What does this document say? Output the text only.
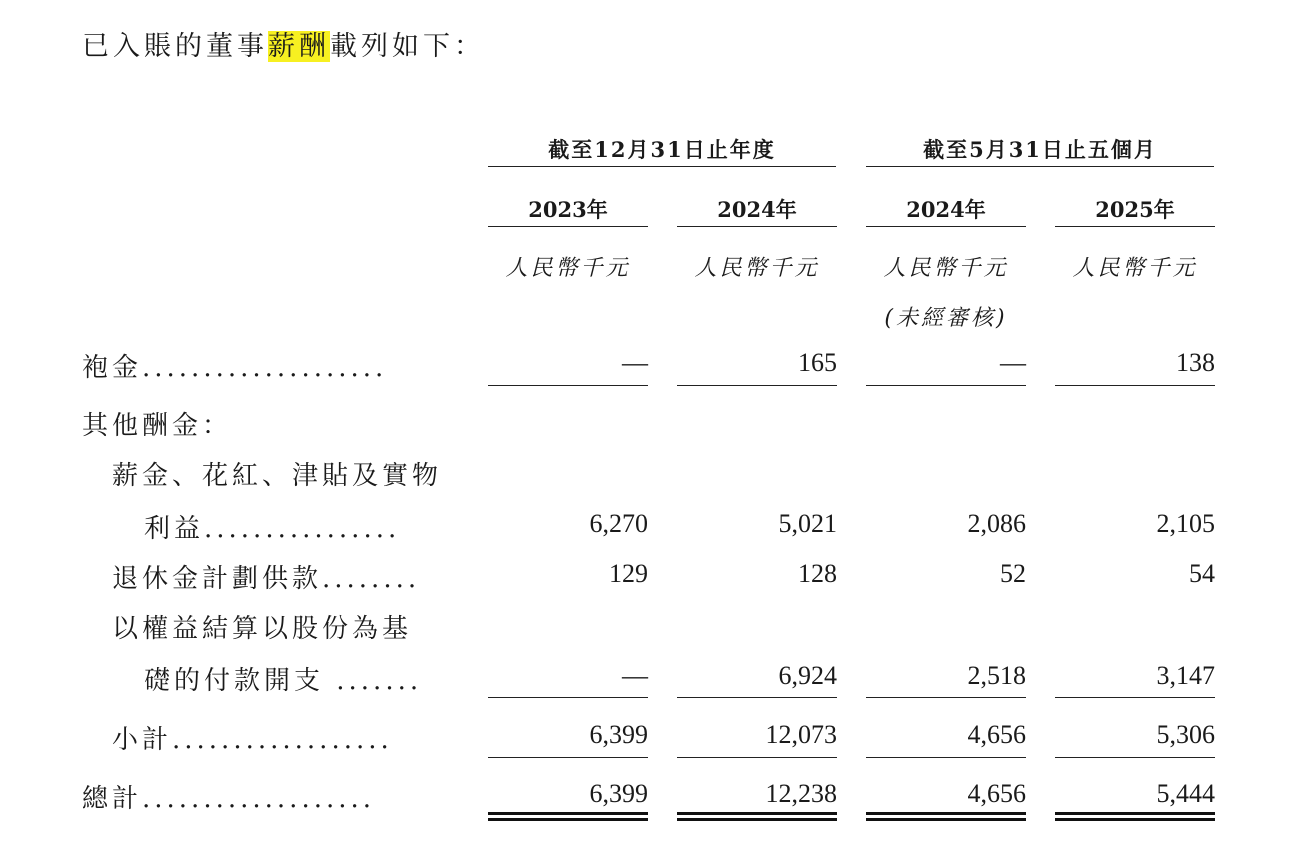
已入賬的董事薪酬載列如下：
截至12月31日止年度	截至5月31日止五個月
2023年	2024年	2024年	2025年
人民幣千元	人民幣千元	人民幣千元	人民幣千元
(未經審核)
袍金....................	—	165	—	138
其他酬金：
薪金、花紅、津貼及實物
利益................	6,270	5,021	2,086	2,105
退休金計劃供款........	129	128	52	54
以權益結算以股份為基
礎的付款開支 .......	—	6,924	2,518	3,147
小計..................	6,399	12,073	4,656	5,306
總計...................	6,399	12,238	4,656	5,444
